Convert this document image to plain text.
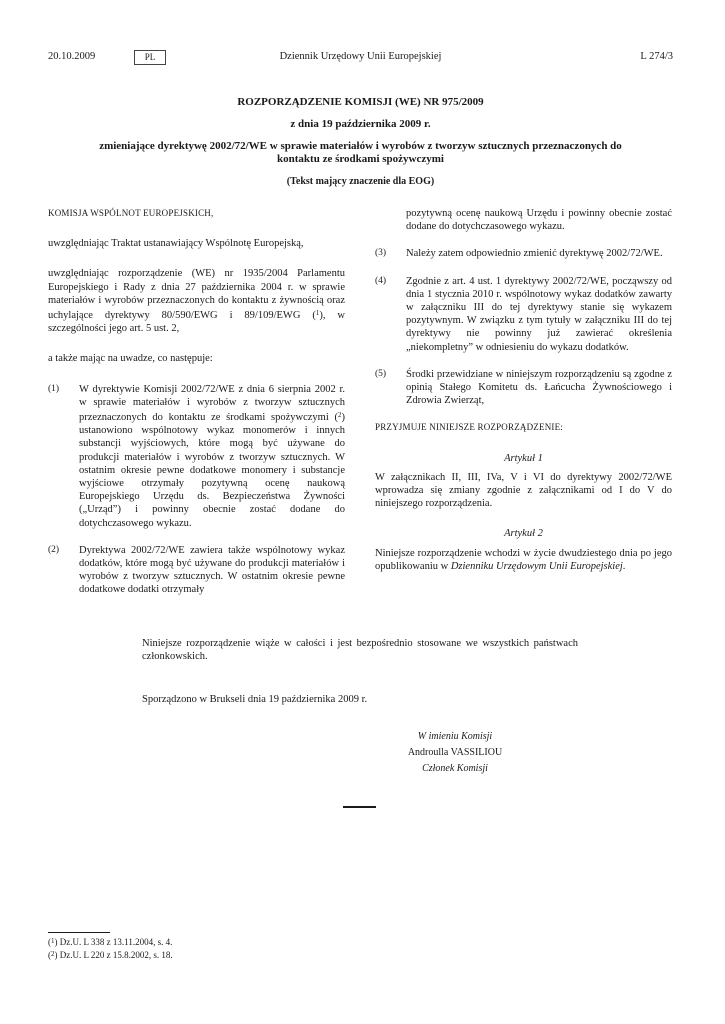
20.10.2009	PL	Dziennik Urzędowy Unii Europejskiej	L 274/3
ROZPORZĄDZENIE KOMISJI (WE) NR 975/2009
z dnia 19 października 2009 r.
zmieniające dyrektywę 2002/72/WE w sprawie materiałów i wyrobów z tworzyw sztucznych przeznaczonych do kontaktu ze środkami spożywczymi
(Tekst mający znaczenie dla EOG)

KOMISJA WSPÓLNOT EUROPEJSKICH,

uwzględniając Traktat ustanawiający Wspólnotę Europejską,

uwzględniając rozporządzenie (WE) nr 1935/2004 Parlamentu Europejskiego i Rady z dnia 27 października 2004 r. w sprawie materiałów i wyrobów przeznaczonych do kontaktu z żywnością oraz uchylające dyrektywy 80/590/EWG i 89/109/EWG ($^1$), w szczególności jego art. 5 ust. 2,

a także mając na uwadze, co następuje:

(1) W dyrektywie Komisji 2002/72/WE z dnia 6 sierpnia 2002 r. w sprawie materiałów i wyrobów z tworzyw sztucznych przeznaczonych do kontaktu ze środkami spożywczymi ($^2$) ustanowiono wspólnotowy wykaz monomerów i innych substancji wyjściowych, które mogą być używane do produkcji materiałów i wyrobów z tworzyw sztucznych. W ostatnim okresie pewne dodatkowe monomery i substancje wyjściowe otrzymały pozytywną ocenę naukową Europejskiego Urzędu ds. Bezpieczeństwa Żywności („Urząd”) i powinny obecnie zostać dodane do dotychczasowego wykazu.
(2) Dyrektywa 2002/72/WE zawiera także wspólnotowy wykaz dodatków, które mogą być używane do produkcji materiałów i wyrobów z tworzyw sztucznych. W ostatnim okresie pewne dodatkowe dodatki otrzymały
pozytywną ocenę naukową Urzędu i powinny obecnie zostać dodane do dotychczasowego wykazu.
(3) Należy zatem odpowiednio zmienić dyrektywę 2002/72/WE.
(4) Zgodnie z art. 4 ust. 1 dyrektywy 2002/72/WE, począwszy od dnia 1 stycznia 2010 r. wspólnotowy wykaz dodatków zawarty w załączniku III do tej dyrektywy stanie się wykazem pozytywnym. W związku z tym tytuły w załączniku III do tej dyrektywy nie powinny już zawierać określenia „niekompletny” w odniesieniu do wykazu dodatków.
(5) Środki przewidziane w niniejszym rozporządzeniu są zgodne z opinią Stałego Komitetu ds. Łańcucha Żywnościowego i Zdrowia Zwierząt,

PRZYJMUJE NINIEJSZE ROZPORZĄDZENIE:

Artykuł 1

W załącznikach II, III, IVa, V i VI do dyrektywy 2002/72/WE wprowadza się zmiany zgodnie z załącznikami od I do V do niniejszego rozporządzenia.

Artykuł 2

Niniejsze rozporządzenie wchodzi w życie dwudziestego dnia po jego opublikowaniu w Dzienniku Urzędowym Unii Europejskiej.

Niniejsze rozporządzenie wiąże w całości i jest bezpośrednio stosowane we wszystkich państwach członkowskich.

Sporządzono w Brukseli dnia 19 października 2009 r.
W imieniu Komisji
Androulla VASSILIOU
Członek Komisji
($^1$) Dz.U. L 338 z 13.11.2004, s. 4.
($^2$) Dz.U. L 220 z 15.8.2002, s. 18.
